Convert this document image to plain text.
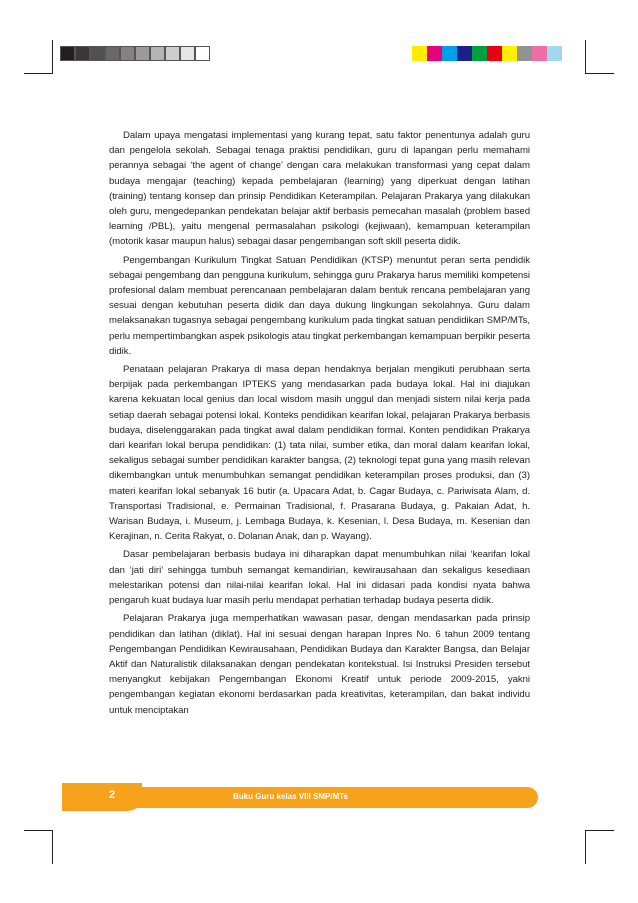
Dalam upaya mengatasi implementasi yang kurang tepat, satu faktor penentunya adalah guru dan pengelola sekolah. Sebagai tenaga praktisi pendidikan, guru di lapangan perlu memahami perannya sebagai ‘the agent of change’ dengan cara melakukan transformasi yang cepat dalam budaya mengajar (teaching) kepada pembelajaran (learning) yang diperkuat dengan latihan (training) tentang konsep dan prinsip Pendidikan Keterampilan. Pelajaran Prakarya yang dilakukan oleh guru, mengedepankan pendekatan belajar aktif berbasis pemecahan masalah (problem based learning /PBL), yaitu mengenal permasalahan psikologi (kejiwaan), kemampuan keterampilan (motorik kasar maupun halus) sebagai dasar pengembangan soft skill peserta didik.

Pengembangan Kurikulum Tingkat Satuan Pendidikan (KTSP) menuntut peran serta pendidik sebagai pengembang dan pengguna kurikulum, sehingga guru Prakarya harus memiliki kompetensi profesional dalam membuat perencanaan pembelajaran dalam bentuk rencana pembelajaran yang sesuai dengan kebutuhan peserta didik dan daya dukung lingkungan sekolahnya. Guru dalam melaksanakan tugasnya sebagai pengembang kurikulum pada tingkat satuan pendidikan SMP/MTs, perlu mempertimbangkan aspek psikologis atau tingkat perkembangan kemampuan berpikir peserta didik.

Penataan pelajaran Prakarya di masa depan hendaknya berjalan mengikuti perubhaan serta berpijak pada perkembangan IPTEKS yang mendasarkan pada budaya lokal. Hal ini diajukan karena kekuatan local genius dan local wisdom masih unggul dan menjadi sistem nilai kerja pada setiap daerah sebagai potensi lokal. Konteks pendidikan kearifan lokal, pelajaran Prakarya berbasis budaya, diselenggarakan pada tingkat awal dalam pendidikan formal. Konten pendidikan Prakarya dari kearifan lokal berupa pendidikan: (1) tata nilai, sumber etika, dan moral dalam kearifan lokal, sekaligus sebagai sumber pendidikan karakter bangsa, (2) teknologi tepat guna yang masih relevan dikembangkan untuk menumbuhkan semangat pendidikan keterampilan proses produksi, dan (3) materi kearifan lokal sebanyak 16 butir (a. Upacara Adat, b. Cagar Budaya, c. Pariwisata Alam, d. Transportasi Tradisional, e. Permainan Tradisional, f. Prasarana Budaya, g. Pakaian Adat, h. Warisan Budaya, i. Museum, j. Lembaga Budaya, k. Kesenian, l. Desa Budaya, m. Kesenian dan Kerajinan, n. Cerita Rakyat, o. Dolanan Anak, dan p. Wayang).

Dasar pembelajaran berbasis budaya ini diharapkan dapat menumbuhkan nilai ‘kearifan lokal dan ‘jati diri’ sehingga tumbuh semangat kemandirian, kewirausahaan dan sekaligus kesediaan melestarikan potensi dan nilai-nilai kearifan lokal. Hal ini didasari pada kondisi nyata bahwa pengaruh kuat budaya luar masih perlu mendapat perhatian terhadap budaya peserta didik.

Pelajaran Prakarya juga memperhatikan wawasan pasar, dengan mendasarkan pada prinsip pendidikan dan latihan (diklat). Hal ini sesuai dengan harapan Inpres No. 6 tahun 2009 tentang Pengembangan Pendidikan Kewirausahaan, Pendidikan Budaya dan Karakter Bangsa, dan Belajar Aktif dan Naturalistik dilaksanakan dengan pendekatan kontekstual. Isi Instruksi Presiden tersebut menyangkut kebijakan Pengembangan Ekonomi Kreatif untuk periode 2009-2015, yakni pengembangan kegiatan ekonomi berdasarkan pada kreativitas, keterampilan, dan bakat individu untuk menciptakan

2	Buku Guru kelas VIII SMP/MTs
